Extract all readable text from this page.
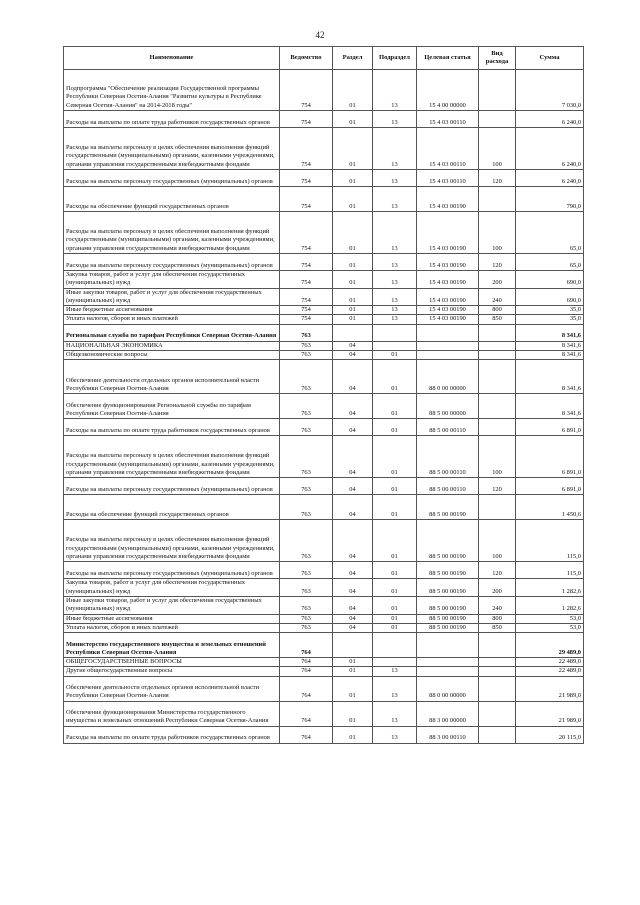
42
Наименование	Ведомство	Раздел	Подраздел	Целевая статья	Вид расхода	Сумма
Подпрограмма "Обеспечение реализации Государственной программы Республики Северная Осетия-Алания "Развитие культуры в Республике Северная Осетия-Алания" на 2014-2018 годы"	754	01	13	15 4 00 00000		7 030,0
Расходы на выплаты по оплате труда работников государственных органов	754	01	13	15 4 03 00110		6 240,0
Расходы на выплаты персоналу в целях обеспечения выполнения функций государственными (муниципальными) органами, казенными учреждениями, органами управления государственными внебюджетными фондами	754	01	13	15 4 03 00110	100	6 240,0
Расходы на выплаты персоналу государственных (муниципальных) органов	754	01	13	15 4 03 00110	120	6 240,0
Расходы на обеспечение функций государственных органов	754	01	13	15 4 03 00190		790,0
Расходы на выплаты персоналу в целях обеспечения выполнения функций государственными (муниципальными) органами, казенными учреждениями, органами управления государственными внебюджетными фондами	754	01	13	15 4 03 00190	100	65,0
Расходы на выплаты персоналу государственных (муниципальных) органов	754	01	13	15 4 03 00190	120	65,0
Закупка товаров, работ и услуг для обеспечения государственных (муниципальных) нужд	754	01	13	15 4 03 00190	200	690,0
Иные закупки товаров, работ и услуг для обеспечения государственных (муниципальных) нужд	754	01	13	15 4 03 00190	240	690,0
Иные бюджетные ассигнования	754	01	13	15 4 03 00190	800	35,0
Уплата налогов, сборов и иных платежей	754	01	13	15 4 03 00190	850	35,0
Региональная служба по тарифам Республики Северная Осетия-Алания	763					8 341,6
НАЦИОНАЛЬНАЯ ЭКОНОМИКА	763	04				8 341,6
Общеэкономические вопросы	763	04	01			8 341,6
Обеспечение деятельности отдельных органов исполнительной власти Республики Северная Осетия-Алания	763	04	01	88 0 00 00000		8 341,6
Обеспечение функционирования Региональной службы по тарифам Республики Северная Осетия-Алания	763	04	01	88 5 00 00000		8 341,6
Расходы на выплаты по оплате труда работников государственных органов	763	04	01	88 5 00 00110		6 891,0
Расходы на выплаты персоналу в целях обеспечения выполнения функций государственными (муниципальными) органами, казенными учреждениями, органами управления государственными внебюджетными фондами	763	04	01	88 5 00 00110	100	6 891,0
Расходы на выплаты персоналу государственных (муниципальных) органов	763	04	01	88 5 00 00110	120	6 891,0
Расходы на обеспечение функций государственных органов	763	04	01	88 5 00 00190		1 450,6
Расходы на выплаты персоналу в целях обеспечения выполнения функций государственными (муниципальными) органами, казенными учреждениями, органами управления государственными внебюджетными фондами	763	04	01	88 5 00 00190	100	115,0
Расходы на выплаты персоналу государственных (муниципальных) органов	763	04	01	88 5 00 00190	120	115,0
Закупка товаров, работ и услуг для обеспечения государственных (муниципальных) нужд	763	04	01	88 5 00 00190	200	1 282,6
Иные закупки товаров, работ и услуг для обеспечения государственных (муниципальных) нужд	763	04	01	88 5 00 00190	240	1 282,6
Иные бюджетные ассигнования	763	04	01	88 5 00 00190	800	53,0
Уплата налогов, сборов и иных платежей	763	04	01	88 5 00 00190	850	53,0
Министерство государственного имущества и земельных отношений Республики Северная Осетия-Алания	764					29 489,0
ОБЩЕГОСУДАРСТВЕННЫЕ ВОПРОСЫ	764	01				22 489,0
Другие общегосударственные вопросы	764	01	13			22 489,0
Обеспечение деятельности отдельных органов исполнительной власти Республики Северная Осетия-Алания	764	01	13	88 0 00 00000		21 989,0
Обеспечение функционирования Министерства государственного имущества и земельных отношений Республики Северная Осетия-Алания	764	01	13	88 3 00 00000		21 989,0
Расходы на выплаты по оплате труда работников государственных органов	764	01	13	88 3 00 00110		20 115,0
